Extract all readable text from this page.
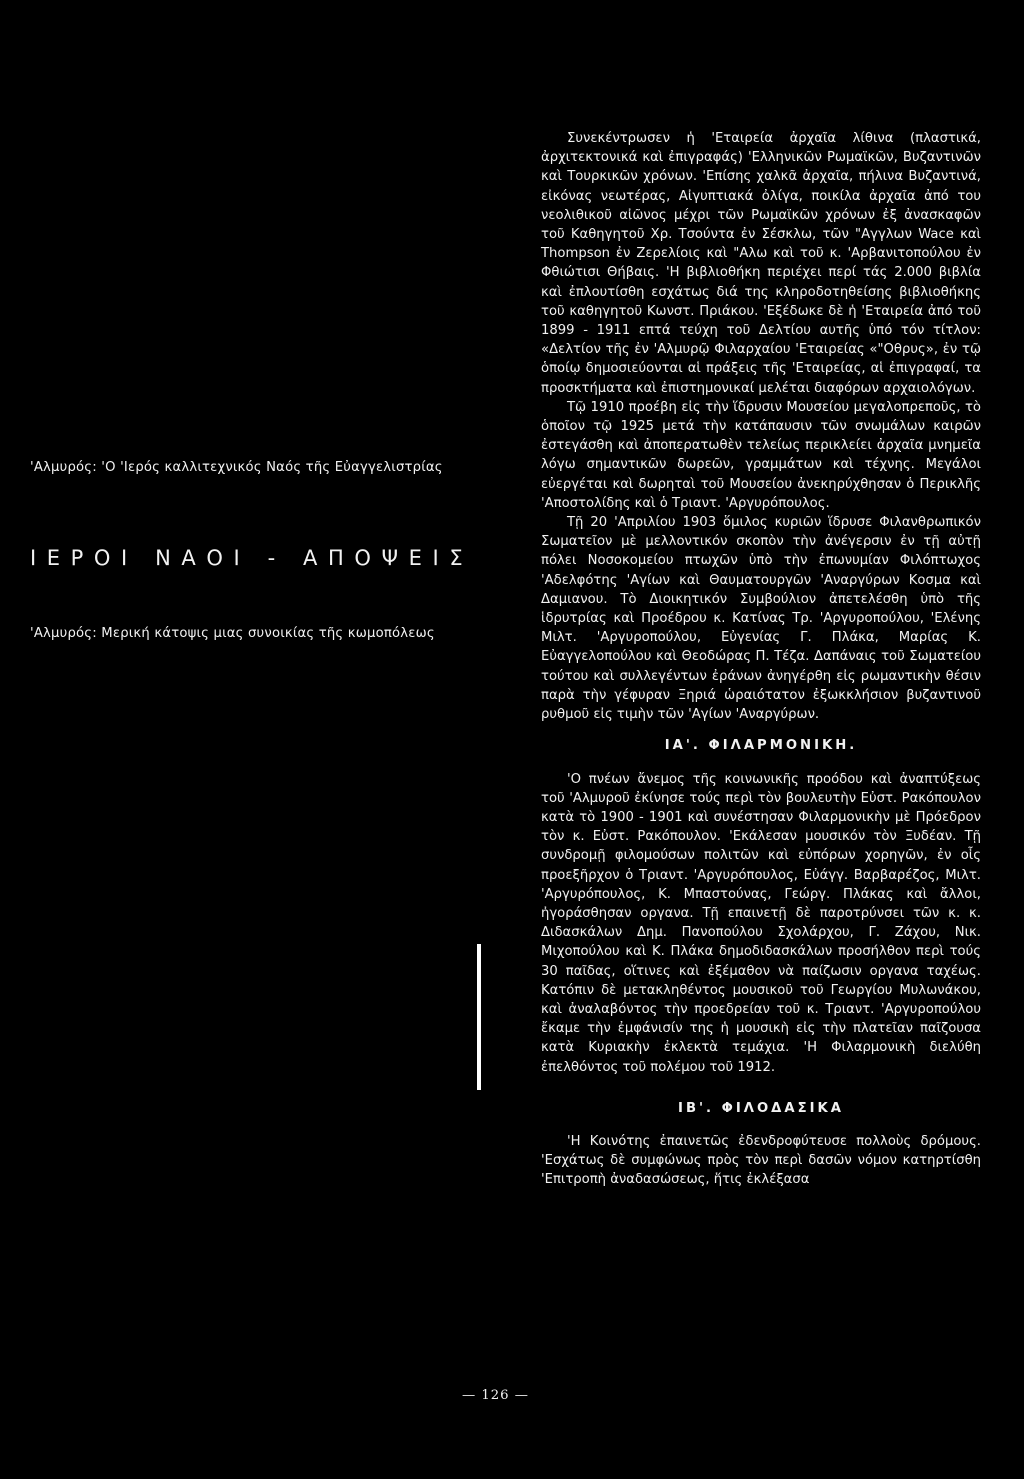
'Αλμυρός: 'Ο 'Ιερός καλλιτεχνικός Ναός τῆς Εὐαγγελιστρίας
ΙΕΡΟΙ ΝΑΟΙ - ΑΠΟΨΕΙΣ
'Αλμυρός: Μερική κάτοψις μιας συνοικίας τῆς κωμοπόλεως

Συνεκέντρωσεν ἡ 'Εταιρεία ἀρχαῖα λίθινα (πλαστικά, ἀρχιτεκτονικά καὶ ἐπιγραφάς) 'Ελληνικῶν Ρωμαϊκῶν, Βυζαντινῶν καὶ Τουρκικῶν χρόνων. 'Επίσης χαλκᾶ ἀρχαῖα, πήλινα Βυζαντινά, εἰκόνας νεωτέρας, Αἰγυπτιακά ὀλίγα, ποικίλα ἀρχαῖα ἀπό του νεολιθικοῦ αἰῶνος μέχρι τῶν Ρωμαϊκῶν χρόνων ἐξ ἀνασκαφῶν τοῦ Καθηγητοῦ Χρ. Τσούντα ἐν Σέσκλω, τῶν "Αγγλων Wace καὶ Thompson ἐν Ζερελίοις καὶ "Αλω καὶ τοῦ κ. 'Αρβανιτοπούλου ἐν Φθιώτισι Θήβαις. 'Η βιβλιοθήκη περιέχει περί τάς 2.000 βιβλία καὶ ἐπλουτίσθη εσχάτως διά της κληροδοτηθείσης βιβλιοθήκης τοῦ καθηγητοῦ Κωνστ. Πριάκου. 'Εξέδωκε δὲ ἡ 'Εταιρεία ἀπό τοῦ 1899 - 1911 επτά τεύχη τοῦ Δελτίου αυτῆς ὑπό τόν τίτλον: «Δελτίον τῆς ἐν 'Αλμυρῷ Φιλαρχαίου 'Εταιρείας «"Οθρυς», ἐν τῷ ὁποίῳ δημοσιεύονται αἱ πράξεις τῆς 'Εταιρείας, αἱ ἐπιγραφαί, τα προσκτήματα καὶ ἐπιστημονικαί μελέται διαφόρων αρχαιολόγων.

Τῷ 1910 προέβη εἰς τὴν ἵδρυσιν Μουσείου μεγαλοπρεποῦς, τὸ ὁποῖον τῷ 1925 μετά τὴν κατάπαυσιν τῶν σνωμάλων καιρῶν ἐστεγάσθη καὶ ἀποπερατωθὲν τελείως περικλείει ἀρχαῖα μνημεῖα λόγω σημαντικῶν δωρεῶν, γραμμάτων καὶ τέχνης. Μεγάλοι εὐεργέται καὶ δωρηταὶ τοῦ Μουσείου ἀνεκηρύχθησαν ὁ Περικλῆς 'Αποστολίδης καὶ ὁ Τριαντ. 'Αργυρόπουλος.

Τῇ 20 'Απριλίου 1903 ὅμιλος κυριῶν ἵδρυσε Φιλανθρωπικόν Σωματεῖον μὲ μελλοντικόν σκοπὸν τὴν ἀνέγερσιν ἐν τῇ αὐτῇ πόλει Νοσοκομείου πτωχῶν ὑπὸ τὴν ἐπωνυμίαν Φιλόπτωχος 'Αδελφότης 'Αγίων καὶ Θαυματουργῶν 'Αναργύρων Κοσμα καὶ Δαμιανου. Τὸ Διοικητικόν Συμβούλιον ἀπετελέσθη ὑπὸ τῆς ἱδρυτρίας καὶ Προέδρου κ. Κατίνας Τρ. 'Αργυροπούλου, 'Ελένης Μιλτ. 'Αργυροπούλου, Εὐγενίας Γ. Πλάκα, Μαρίας Κ. Εὐαγγελοπούλου καὶ Θεοδώρας Π. Τέζα. Δαπάναις τοῦ Σωματείου τούτου καὶ συλλεγέντων ἐράνων ἀνηγέρθη εἰς ρωμαντικὴν θέσιν παρὰ τὴν γέφυραν Ξηριά ὡραιότατον ἐξωκκλήσιον βυζαντινοῦ ρυθμοῦ εἰς τιμὴν τῶν 'Αγίων 'Αναργύρων.

ΙΑ'. ΦΙΛΑΡΜΟΝΙΚΗ.

'Ο πνέων ἄνεμος τῆς κοινωνικῆς προόδου καὶ ἀναπτύξεως τοῦ 'Αλμυροῦ ἐκίνησε τούς περὶ τὸν βουλευτὴν Εὐστ. Ρακόπουλον κατὰ τὸ 1900 - 1901 καὶ συνέστησαν Φιλαρμονικὴν μὲ Πρόεδρον τὸν κ. Εὐστ. Ρακόπουλον. 'Εκάλεσαν μουσικόν τὸν Ξυδέαν. Τῇ συνδρομῇ φιλομούσων πολιτῶν καὶ εὐπόρων χορηγῶν, ἐν οἷς προεξῆρχον ὁ Τριαντ. 'Αργυρόπουλος, Εὐάγγ. Βαρβαρέζος, Μιλτ. 'Αργυρόπουλος, Κ. Μπαστούνας, Γεώργ. Πλάκας καὶ ἄλλοι, ἠγοράσθησαν οργανα. Τῇ επαινετῇ δὲ παροτρύνσει τῶν κ. κ. Διδασκάλων Δημ. Πανοπούλου Σχολάρχου, Γ. Ζάχου, Νικ. Μιχοπούλου καὶ Κ. Πλάκα δημοδιδασκάλων προσήλθον περὶ τούς 30 παῖδας, οἵτινες καὶ ἐξέμαθον νὰ παίζωσιν οργανα ταχέως. Κατόπιν δὲ μετακληθέντος μουσικοῦ τοῦ Γεωργίου Μυλωνάκου, καὶ ἀναλαβόντος τὴν προεδρείαν τοῦ κ. Τριαντ. 'Αργυροπούλου ἔκαμε τὴν ἐμφάνισίν της ἡ μουσικὴ εἰς τὴν πλατεῖαν παῖζουσα κατὰ Κυριακὴν ἐκλεκτὰ τεμάχια. 'Η Φιλαρμονικὴ διελύθη ἐπελθόντος τοῦ πολέμου τοῦ 1912.

ΙΒ'. ΦΙΛΟΔΑΣΙΚΑ

'Η Κοινότης ἐπαινετῶς ἐδενδροφύτευσε πολλοὺς δρόμους. 'Εσχάτως δὲ συμφώνως πρὸς τὸν περὶ δασῶν νόμον κατηρτίσθη 'Επιτροπὴ ἀναδασώσεως, ἥτις ἐκλέξασα

— 126 —
